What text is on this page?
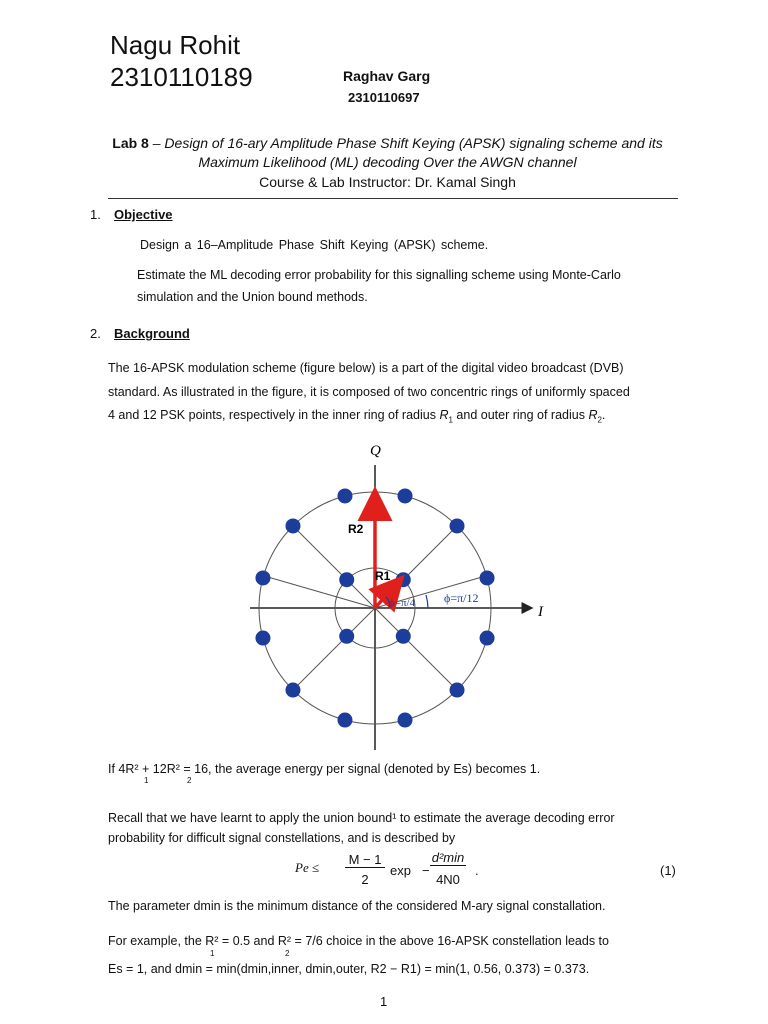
Nagu Rohit
2310110189	Raghav Garg
2310110697
Lab 8 – Design of 16-ary Amplitude Phase Shift Keying (APSK) signaling scheme and its
Maximum Likelihood (ML) decoding Over the AWGN channel
Course & Lab Instructor: Dr. Kamal Singh
1. Objective
Design a 16–Amplitude Phase Shift Keying (APSK) scheme.
Estimate the ML decoding error probability for this signalling scheme using Monte-Carlo
simulation and the Union bound methods.
2. Background
The 16-APSK modulation scheme (figure below) is a part of the digital video broadcast (DVB)
standard. As illustrated in the figure, it is composed of two concentric rings of uniformly spaced
4 and 12 PSK points, respectively in the inner ring of radius $R_1$ and outer ring of radius $R_2$.
Q
I
R2
R1
ϕ=π/4 ϕ=π/12
If 4R² + 12R² = 16, the average energy per signal (denoted by Es) becomes 1.
1	2
Recall that we have learnt to apply the union bound¹ to estimate the average decoding error
probability for difficult signal constellations, and is described by
Pe ≤
M − 1
2
exp −
d²min
4N0
.	(1)
The parameter dmin is the minimum distance of the considered M-ary signal constallation.
For example, the R² = 0.5 and R² = 7/6 choice in the above 16-APSK constellation leads to
1	2
Es = 1, and dmin = min(dmin,inner, dmin,outer, R2 − R1) = min(1, 0.56, 0.373) = 0.373.
1
